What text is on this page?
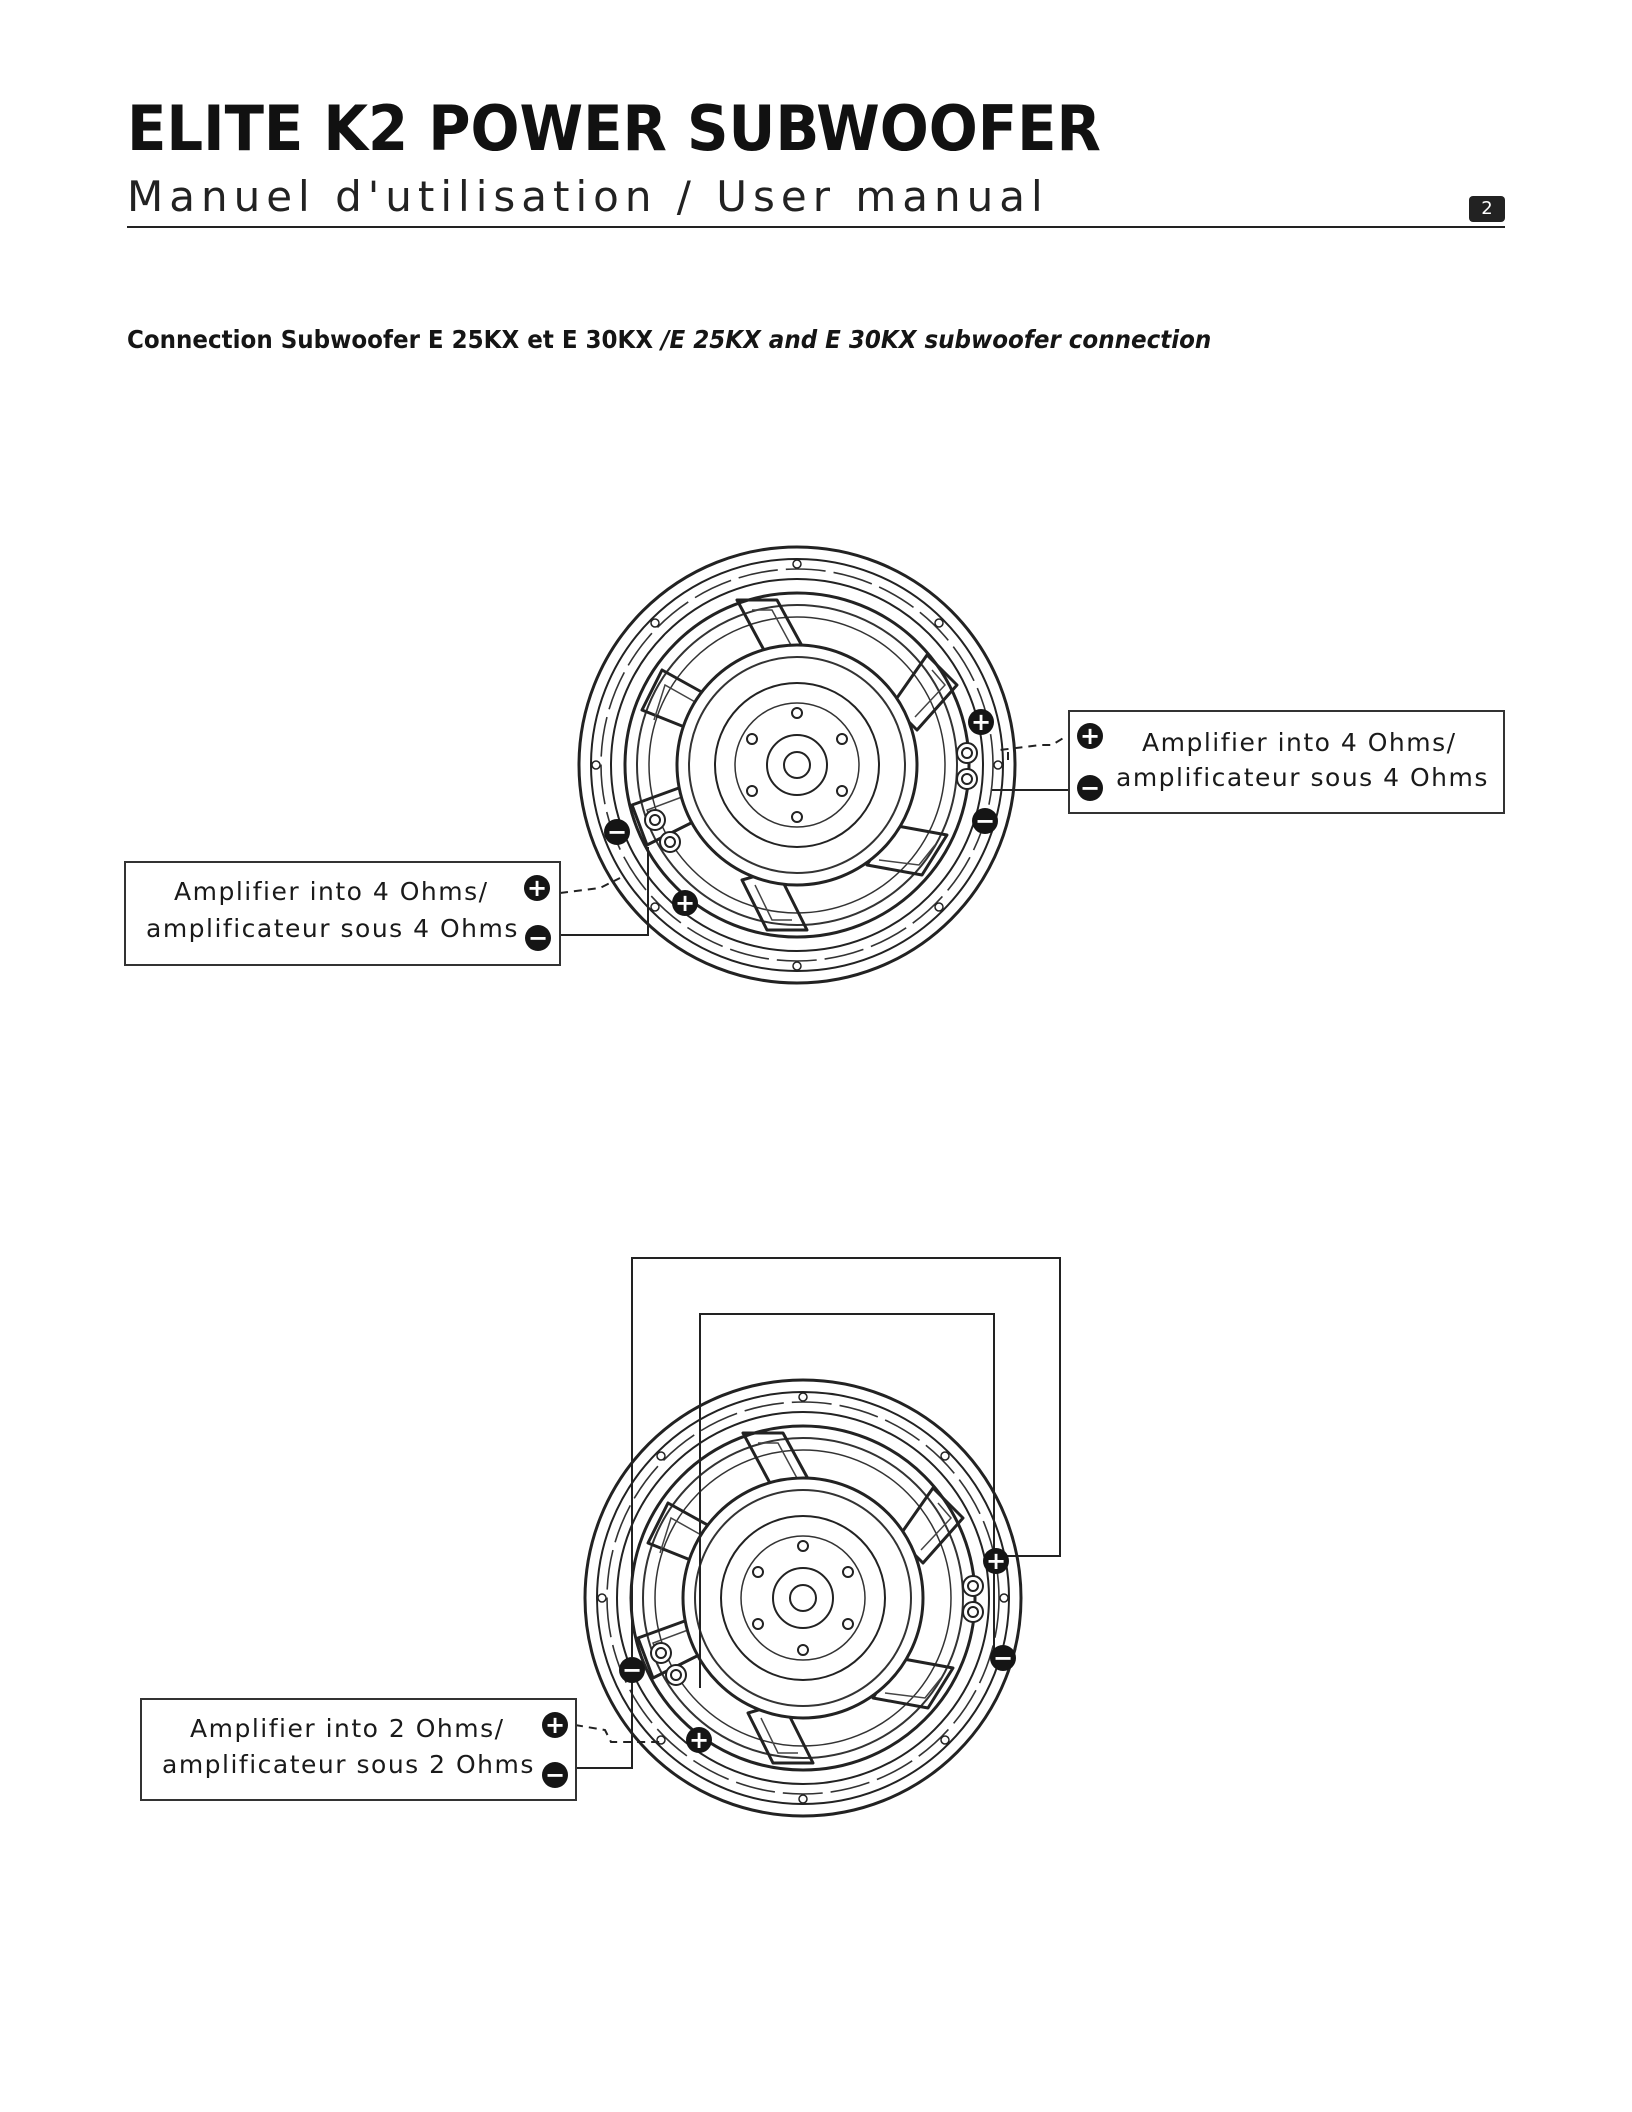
ELITE K2 POWER SUBWOOFER
Manuel d'utilisation / User manual	2
Connection Subwoofer E 25KX et E 30KX /E 25KX and E 30KX subwoofer connection
Amplifier into 4 Ohms/
amplificateur sous 4 Ohms
+
−
Amplifier into 4 Ohms/
amplificateur sous 4 Ohms
+
−
+
−
−
+
Amplifier into 2 Ohms/
amplificateur sous 2 Ohms
+
−
+
−
−
+
